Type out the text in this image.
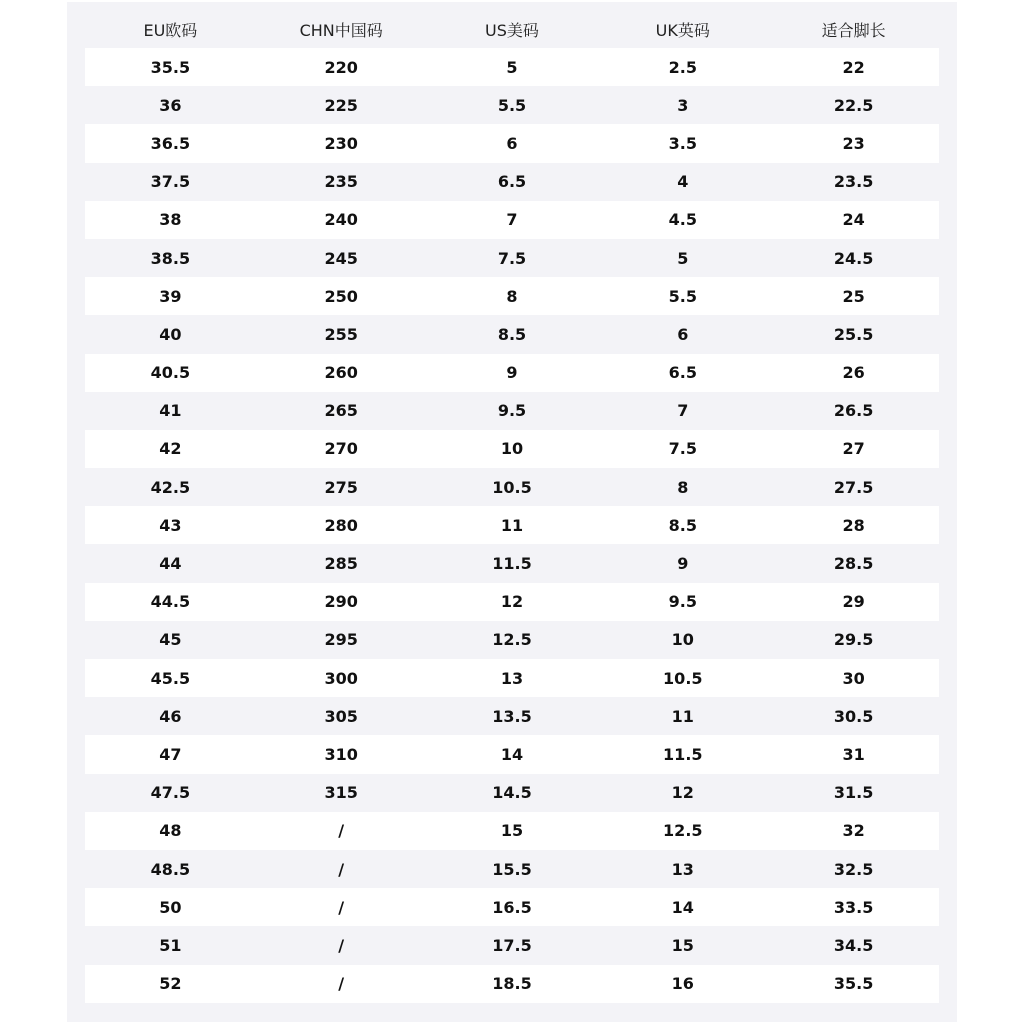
EU欧码	CHN中国码	US美码	UK英码	适合脚长
35.5	220	5	2.5	22
36	225	5.5	3	22.5
36.5	230	6	3.5	23
37.5	235	6.5	4	23.5
38	240	7	4.5	24
38.5	245	7.5	5	24.5
39	250	8	5.5	25
40	255	8.5	6	25.5
40.5	260	9	6.5	26
41	265	9.5	7	26.5
42	270	10	7.5	27
42.5	275	10.5	8	27.5
43	280	11	8.5	28
44	285	11.5	9	28.5
44.5	290	12	9.5	29
45	295	12.5	10	29.5
45.5	300	13	10.5	30
46	305	13.5	11	30.5
47	310	14	11.5	31
47.5	315	14.5	12	31.5
48	/	15	12.5	32
48.5	/	15.5	13	32.5
50	/	16.5	14	33.5
51	/	17.5	15	34.5
52	/	18.5	16	35.5
